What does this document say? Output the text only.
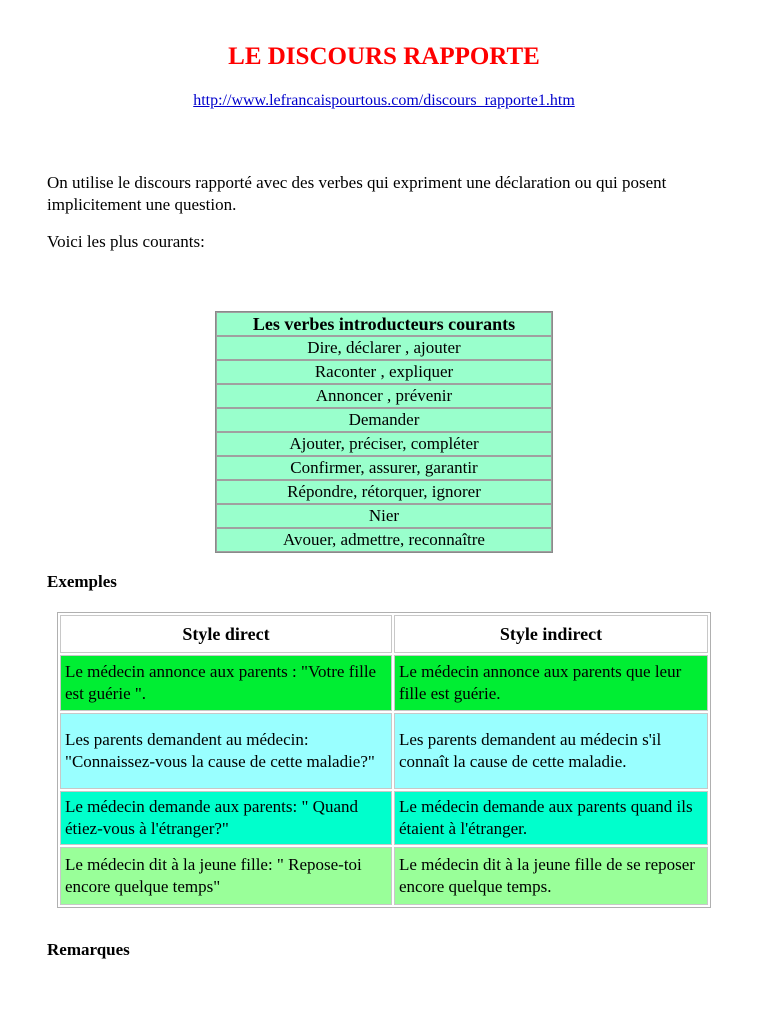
LE DISCOURS RAPPORTE
http://www.lefrancaispourtous.com/discours_rapporte1.htm

On utilise le discours rapporté avec des verbes qui expriment une déclaration ou qui posent implicitement une question.

Voici les plus courants:

Les verbes introducteurs courants
Dire, déclarer , ajouter
Raconter , expliquer
Annoncer , prévenir
Demander
Ajouter, préciser, compléter
Confirmer, assurer, garantir
Répondre, rétorquer, ignorer
Nier
Avouer, admettre, reconnaître
Exemples
Style direct	Style indirect
Le médecin annonce aux parents : "Votre fille est guérie ".	Le médecin annonce aux parents que leur fille est guérie.
Les parents demandent au médecin: "Connaissez-vous la cause de cette maladie?"	Les parents demandent au médecin s'il connaît la cause de cette maladie.
Le médecin demande aux parents: " Quand étiez-vous à l'étranger?"	Le médecin demande aux parents quand ils étaient à l'étranger.
Le médecin dit à la jeune fille: " Repose-toi encore quelque temps"	Le médecin dit à la jeune fille de se reposer encore quelque temps.
Remarques
